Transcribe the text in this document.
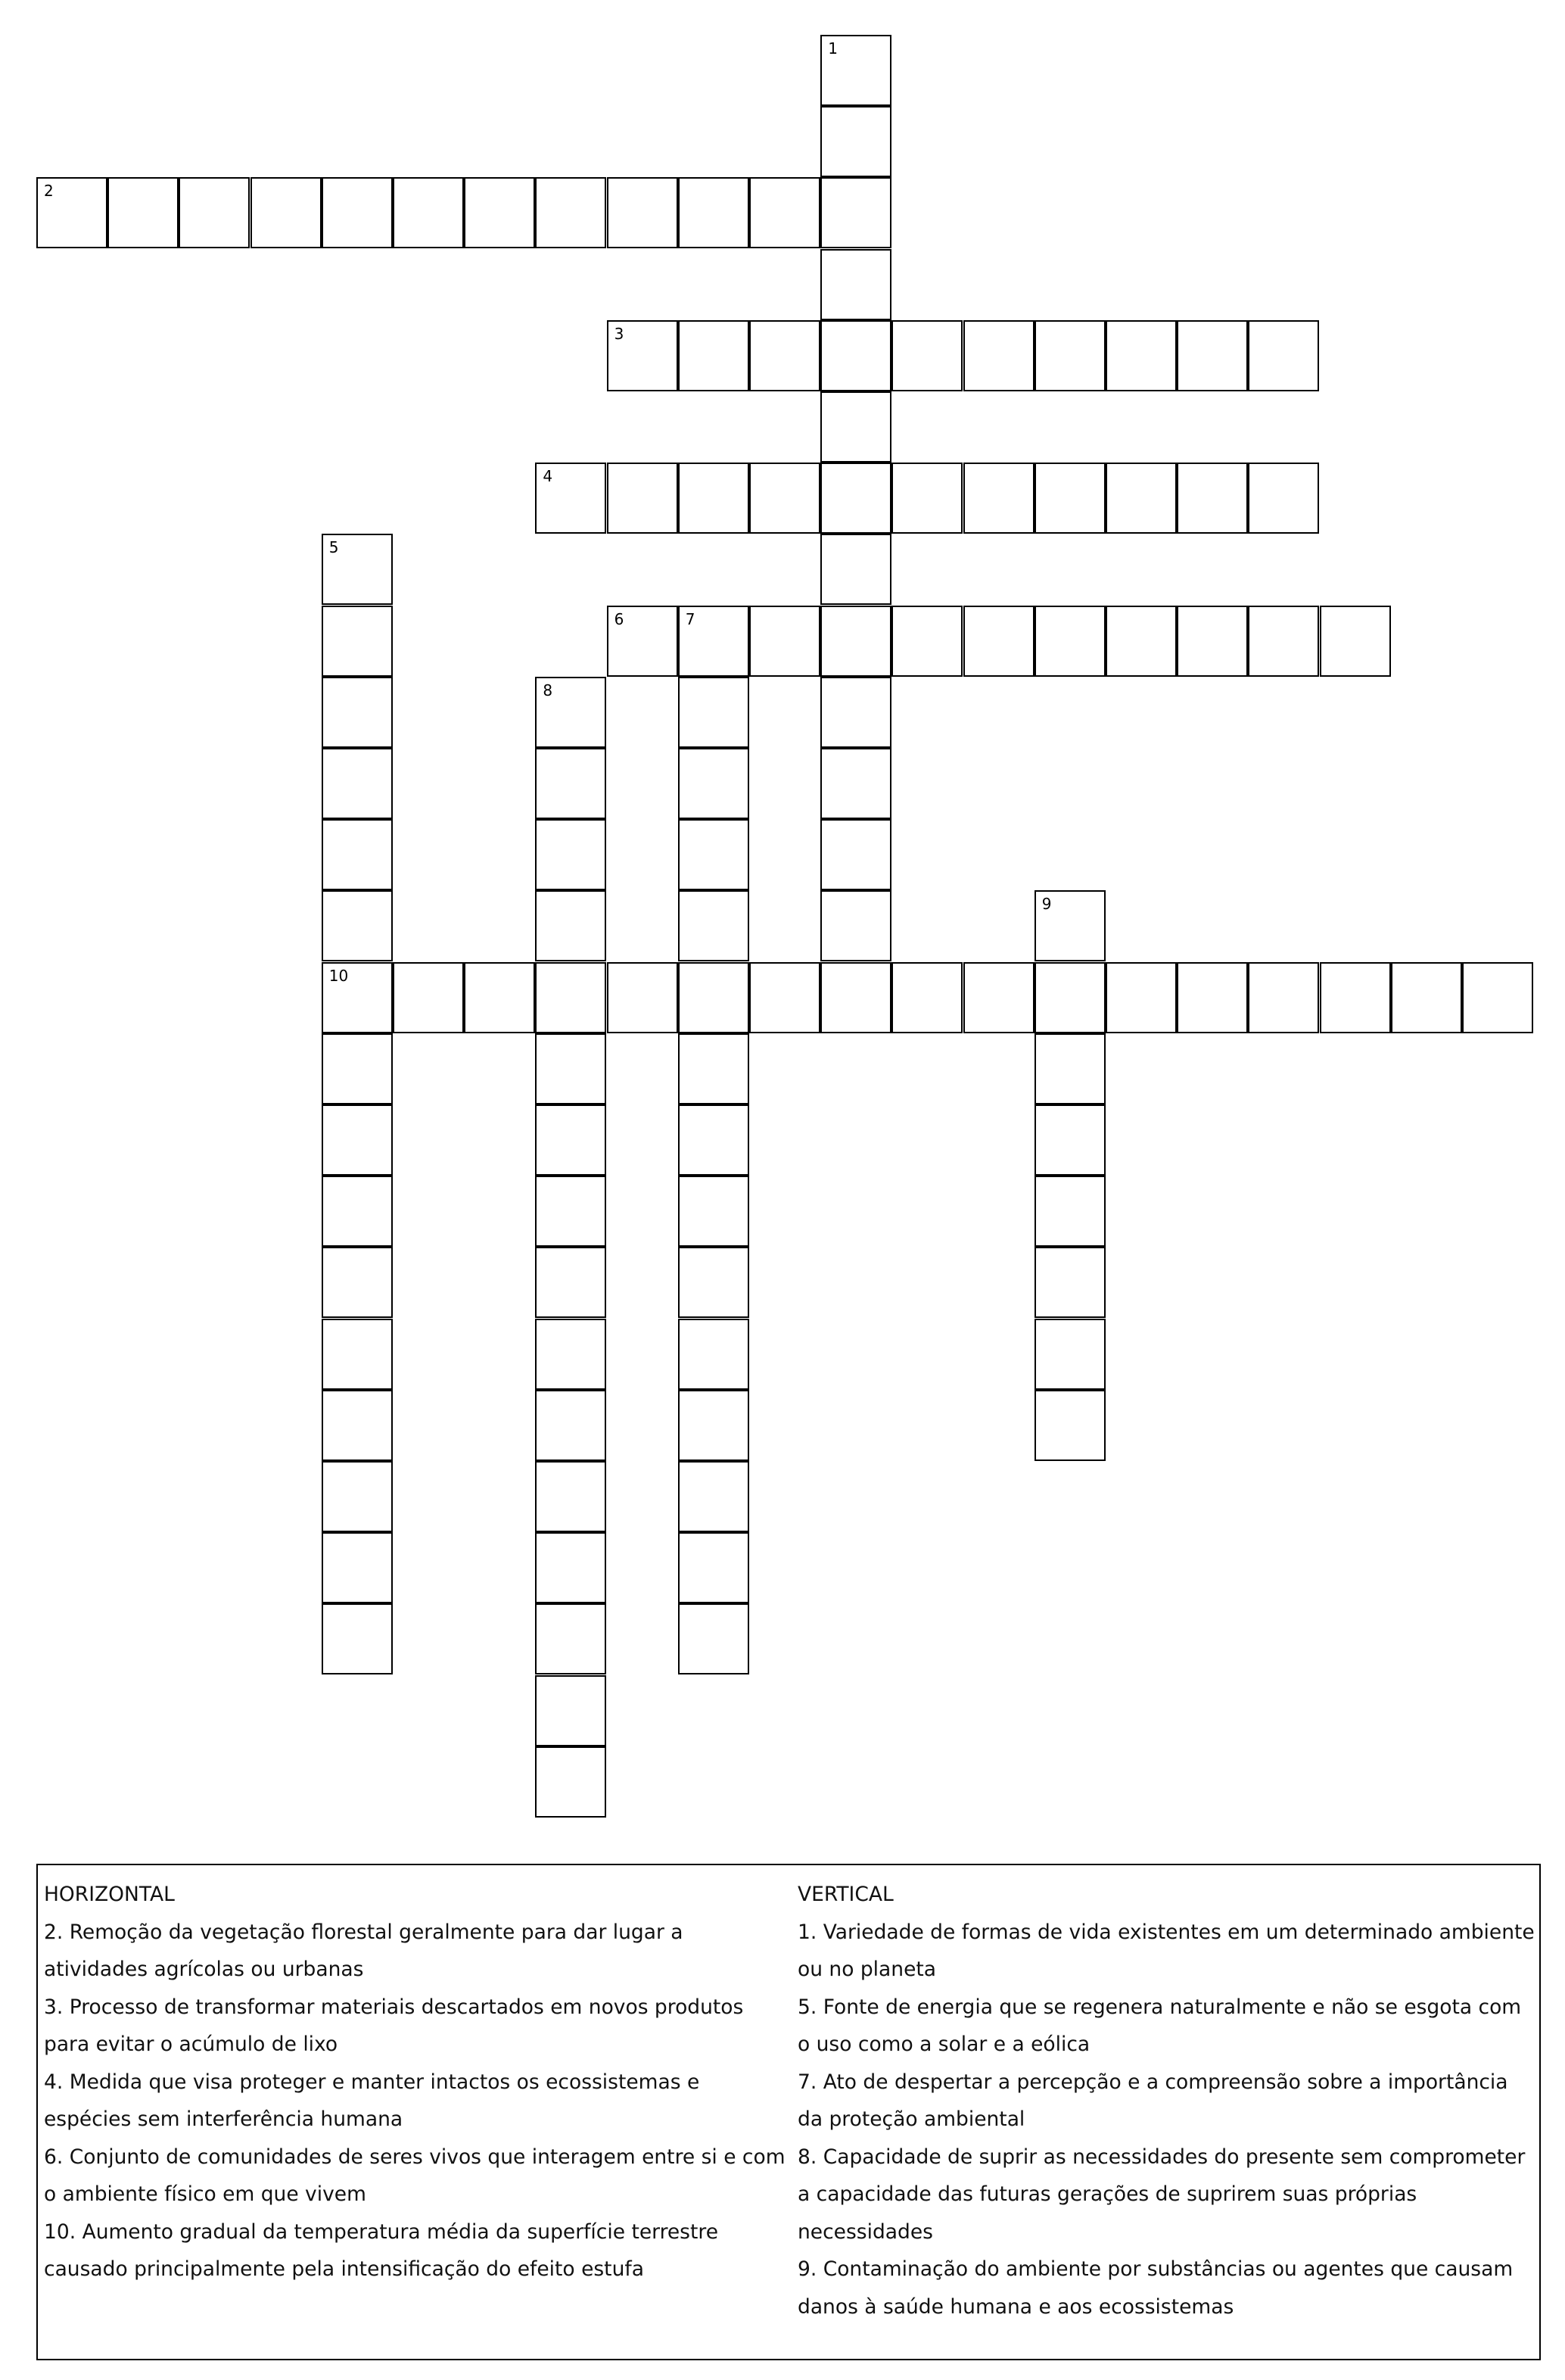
1
2
3
4
5
10
6	7
8
9
HORIZONTAL
2. Remoção da vegetação florestal geralmente para dar lugar a
atividades agrícolas ou urbanas
3. Processo de transformar materiais descartados em novos produtos
para evitar o acúmulo de lixo
4. Medida que visa proteger e manter intactos os ecossistemas e
espécies sem interferência humana
6. Conjunto de comunidades de seres vivos que interagem entre si e com
o ambiente físico em que vivem
10. Aumento gradual da temperatura média da superfície terrestre
causado principalmente pela intensificação do efeito estufa
VERTICAL
1. Variedade de formas de vida existentes em um determinado ambiente
ou no planeta
5. Fonte de energia que se regenera naturalmente e não se esgota com
o uso como a solar e a eólica
7. Ato de despertar a percepção e a compreensão sobre a importância
da proteção ambiental
8. Capacidade de suprir as necessidades do presente sem comprometer
a capacidade das futuras gerações de suprirem suas próprias
necessidades
9. Contaminação do ambiente por substâncias ou agentes que causam
danos à saúde humana e aos ecossistemas
